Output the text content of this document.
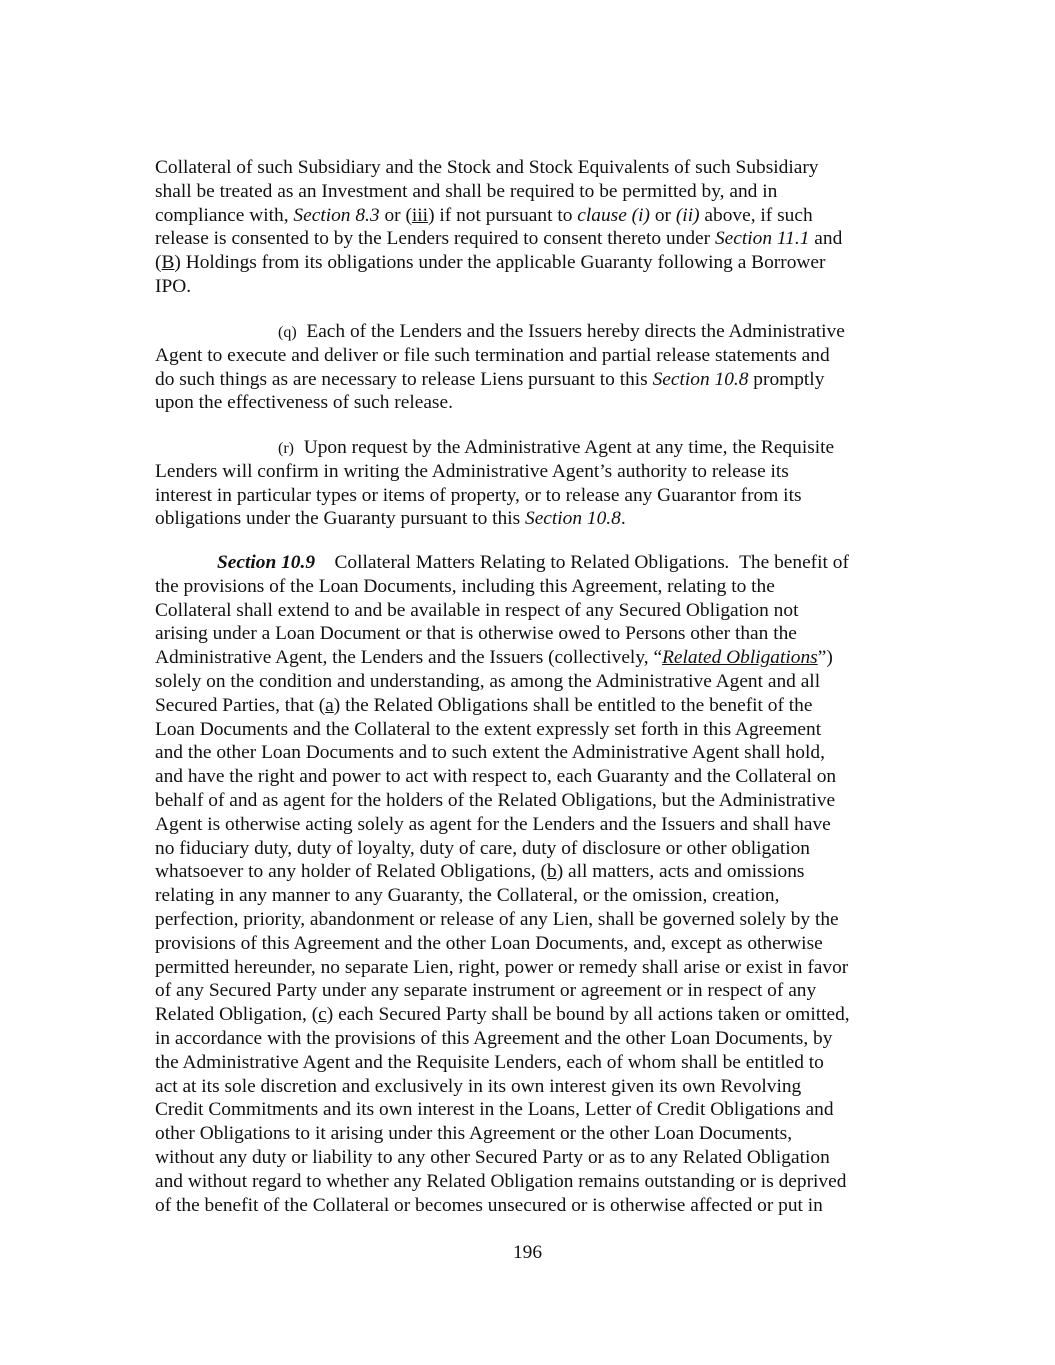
Collateral of such Subsidiary and the Stock and Stock Equivalents of such Subsidiary
shall be treated as an Investment and shall be required to be permitted by, and in
compliance with, Section 8.3 or (iii) if not pursuant to clause (i) or (ii) above, if such
release is consented to by the Lenders required to consent thereto under Section 11.1 and
(B) Holdings from its obligations under the applicable Guaranty following a Borrower
IPO.
(q) Each of the Lenders and the Issuers hereby directs the Administrative
Agent to execute and deliver or file such termination and partial release statements and
do such things as are necessary to release Liens pursuant to this Section 10.8 promptly
upon the effectiveness of such release.
(r) Upon request by the Administrative Agent at any time, the Requisite
Lenders will confirm in writing the Administrative Agent’s authority to release its
interest in particular types or items of property, or to release any Guarantor from its
obligations under the Guaranty pursuant to this Section 10.8.
Section 10.9 Collateral Matters Relating to Related Obligations. The benefit of
the provisions of the Loan Documents, including this Agreement, relating to the
Collateral shall extend to and be available in respect of any Secured Obligation not
arising under a Loan Document or that is otherwise owed to Persons other than the
Administrative Agent, the Lenders and the Issuers (collectively, “Related Obligations”)
solely on the condition and understanding, as among the Administrative Agent and all
Secured Parties, that (a) the Related Obligations shall be entitled to the benefit of the
Loan Documents and the Collateral to the extent expressly set forth in this Agreement
and the other Loan Documents and to such extent the Administrative Agent shall hold,
and have the right and power to act with respect to, each Guaranty and the Collateral on
behalf of and as agent for the holders of the Related Obligations, but the Administrative
Agent is otherwise acting solely as agent for the Lenders and the Issuers and shall have
no fiduciary duty, duty of loyalty, duty of care, duty of disclosure or other obligation
whatsoever to any holder of Related Obligations, (b) all matters, acts and omissions
relating in any manner to any Guaranty, the Collateral, or the omission, creation,
perfection, priority, abandonment or release of any Lien, shall be governed solely by the
provisions of this Agreement and the other Loan Documents, and, except as otherwise
permitted hereunder, no separate Lien, right, power or remedy shall arise or exist in favor
of any Secured Party under any separate instrument or agreement or in respect of any
Related Obligation, (c) each Secured Party shall be bound by all actions taken or omitted,
in accordance with the provisions of this Agreement and the other Loan Documents, by
the Administrative Agent and the Requisite Lenders, each of whom shall be entitled to
act at its sole discretion and exclusively in its own interest given its own Revolving
Credit Commitments and its own interest in the Loans, Letter of Credit Obligations and
other Obligations to it arising under this Agreement or the other Loan Documents,
without any duty or liability to any other Secured Party or as to any Related Obligation
and without regard to whether any Related Obligation remains outstanding or is deprived
of the benefit of the Collateral or becomes unsecured or is otherwise affected or put in
196
